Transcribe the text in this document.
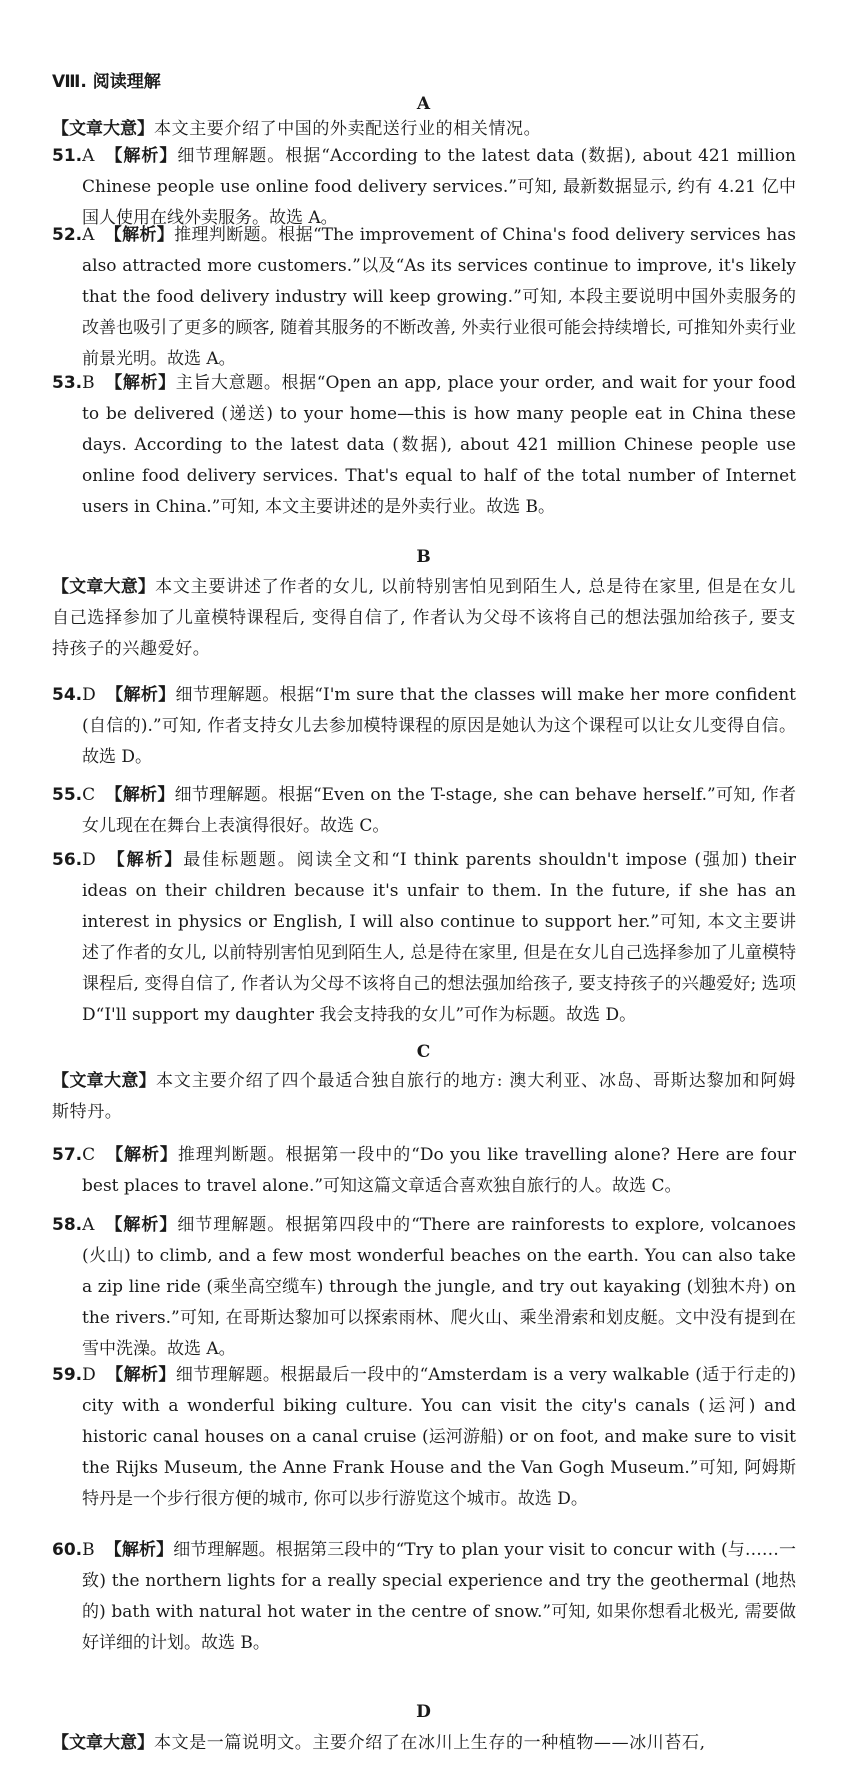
Ⅷ. 阅读理解
A
【文章大意】本文主要介绍了中国的外卖配送行业的相关情况。
51.A 【解析】细节理解题。根据“According to the latest data (数据), about 421 million Chinese people use online food delivery services.”可知, 最新数据显示, 约有 4.21 亿中国人使用在线外卖服务。故选 A。
52.A 【解析】推理判断题。根据“The improvement of China's food delivery services has also attracted more customers.”以及“As its services continue to improve, it's likely that the food delivery industry will keep growing.”可知, 本段主要说明中国外卖服务的改善也吸引了更多的顾客, 随着其服务的不断改善, 外卖行业很可能会持续增长, 可推知外卖行业前景光明。故选 A。
53.B 【解析】主旨大意题。根据“Open an app, place your order, and wait for your food to be delivered (递送) to your home—this is how many people eat in China these days. According to the latest data (数据), about 421 million Chinese people use online food delivery services. That's equal to half of the total number of Internet users in China.”可知, 本文主要讲述的是外卖行业。故选 B。
B
【文章大意】本文主要讲述了作者的女儿, 以前特别害怕见到陌生人, 总是待在家里, 但是在女儿自己选择参加了儿童模特课程后, 变得自信了, 作者认为父母不该将自己的想法强加给孩子, 要支持孩子的兴趣爱好。
54.D 【解析】细节理解题。根据“I'm sure that the classes will make her more confident (自信的).”可知, 作者支持女儿去参加模特课程的原因是她认为这个课程可以让女儿变得自信。故选 D。
55.C 【解析】细节理解题。根据“Even on the T-stage, she can behave herself.”可知, 作者女儿现在在舞台上表演得很好。故选 C。
56.D 【解析】最佳标题题。阅读全文和“I think parents shouldn't impose (强加) their ideas on their children because it's unfair to them. In the future, if she has an interest in physics or English, I will also continue to support her.”可知, 本文主要讲述了作者的女儿, 以前特别害怕见到陌生人, 总是待在家里, 但是在女儿自己选择参加了儿童模特课程后, 变得自信了, 作者认为父母不该将自己的想法强加给孩子, 要支持孩子的兴趣爱好; 选项 D“I'll support my daughter 我会支持我的女儿”可作为标题。故选 D。
C
【文章大意】本文主要介绍了四个最适合独自旅行的地方: 澳大利亚、冰岛、哥斯达黎加和阿姆斯特丹。
57.C 【解析】推理判断题。根据第一段中的“Do you like travelling alone? Here are four best places to travel alone.”可知这篇文章适合喜欢独自旅行的人。故选 C。
58.A 【解析】细节理解题。根据第四段中的“There are rainforests to explore, volcanoes (火山) to climb, and a few most wonderful beaches on the earth. You can also take a zip line ride (乘坐高空缆车) through the jungle, and try out kayaking (划独木舟) on the rivers.”可知, 在哥斯达黎加可以探索雨林、爬火山、乘坐滑索和划皮艇。文中没有提到在雪中洗澡。故选 A。
59.D 【解析】细节理解题。根据最后一段中的“Amsterdam is a very walkable (适于行走的) city with a wonderful biking culture. You can visit the city's canals (运河) and historic canal houses on a canal cruise (运河游船) or on foot, and make sure to visit the Rijks Museum, the Anne Frank House and the Van Gogh Museum.”可知, 阿姆斯特丹是一个步行很方便的城市, 你可以步行游览这个城市。故选 D。
60.B 【解析】细节理解题。根据第三段中的“Try to plan your visit to concur with (与……一致) the northern lights for a really special experience and try the geothermal (地热的) bath with natural hot water in the centre of snow.”可知, 如果你想看北极光, 需要做好详细的计划。故选 B。
D
【文章大意】本文是一篇说明文。主要介绍了在冰川上生存的一种植物——冰川苔石,
